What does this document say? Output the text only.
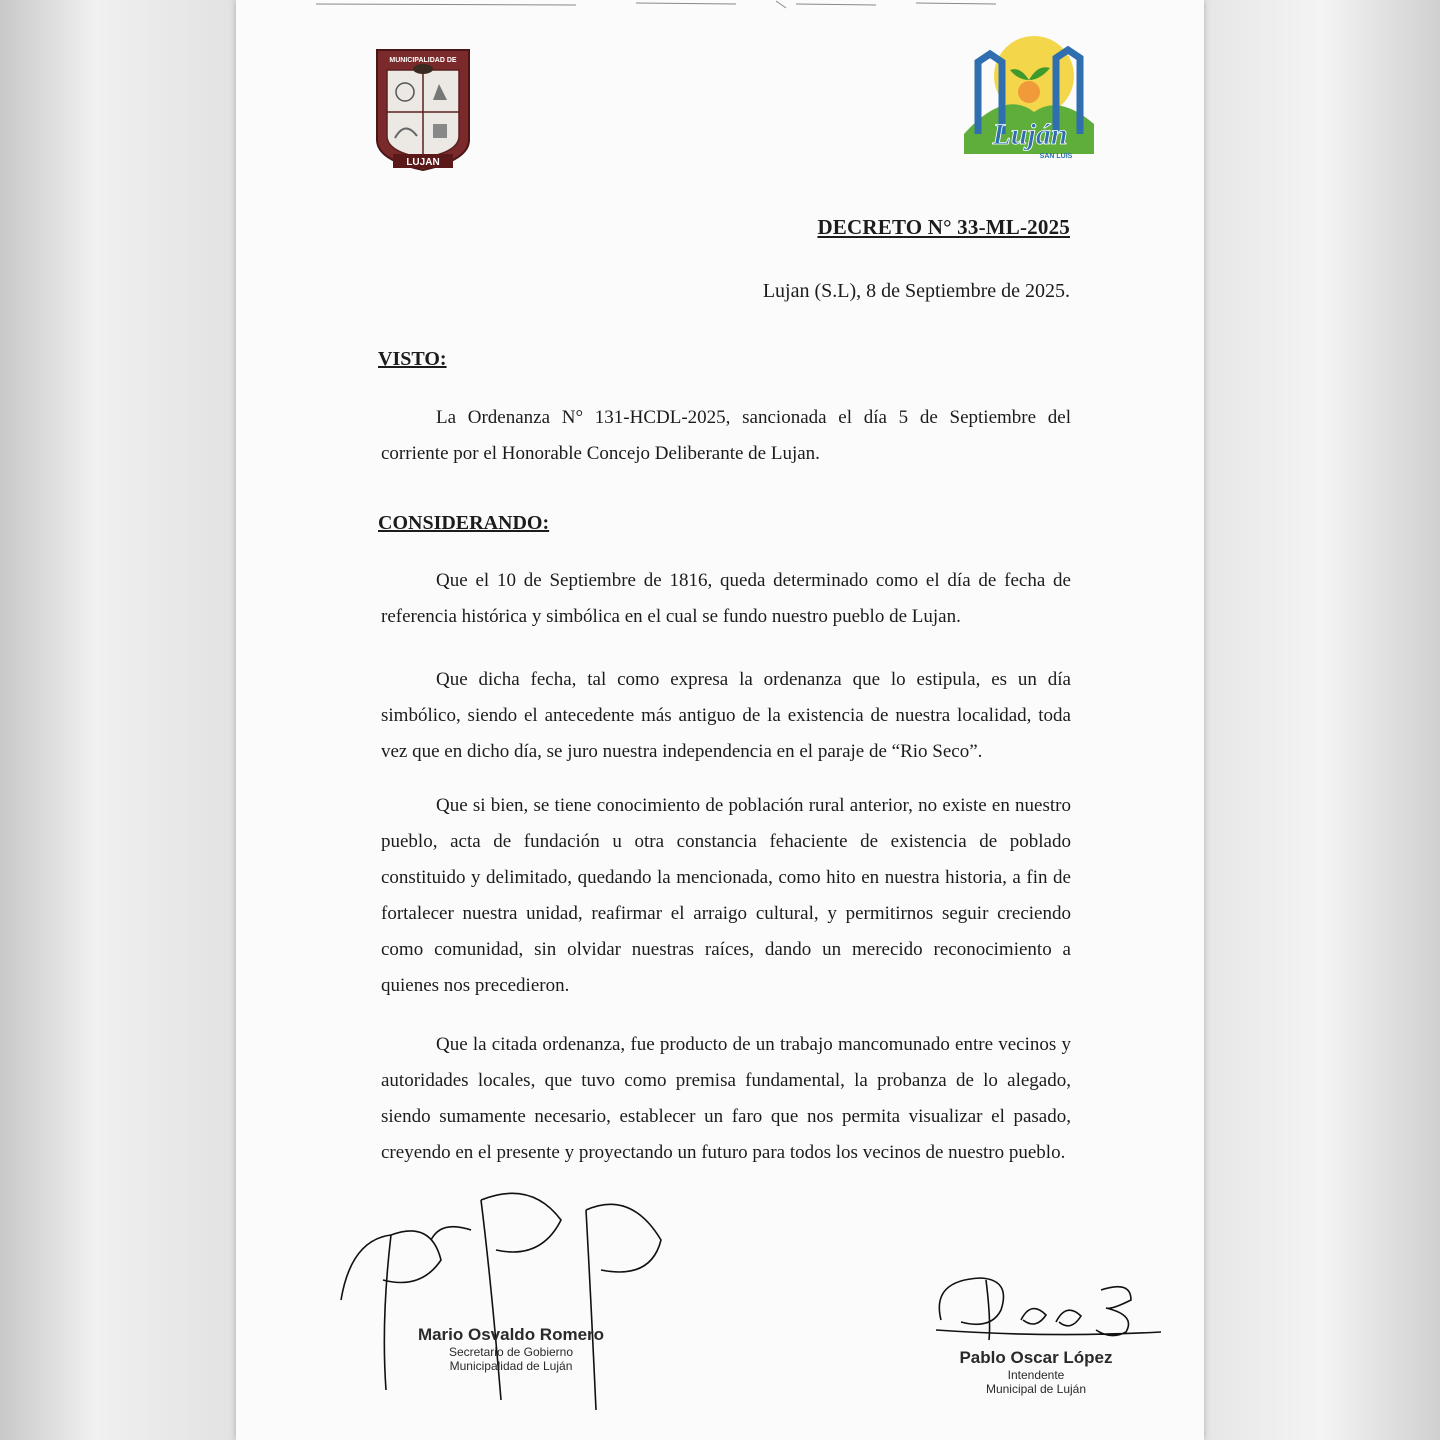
MUNICIPALIDAD DE
LUJAN
Luján
SAN LUIS
DECRETO N° 33-ML-2025
Lujan (S.L), 8 de Septiembre de 2025.
VISTO:

La Ordenanza N° 131-HCDL-2025, sancionada el día 5 de Septiembre del corriente por el Honorable Concejo Deliberante de Lujan.

CONSIDERANDO:

Que el 10 de Septiembre de 1816, queda determinado como el día de fecha de referencia histórica y simbólica en el cual se fundo nuestro pueblo de Lujan.

Que dicha fecha, tal como expresa la ordenanza que lo estipula, es un día simbólico, siendo el antecedente más antiguo de la existencia de nuestra localidad, toda vez que en dicho día, se juro nuestra independencia en el paraje de “Rio Seco”.

Que si bien, se tiene conocimiento de población rural anterior, no existe en nuestro pueblo, acta de fundación u otra constancia fehaciente de existencia de poblado constituido y delimitado, quedando la mencionada, como hito en nuestra historia, a fin de fortalecer nuestra unidad, reafirmar el arraigo cultural, y permitirnos seguir creciendo como comunidad, sin olvidar nuestras raíces, dando un merecido reconocimiento a quienes nos precedieron.

Que la citada ordenanza, fue producto de un trabajo mancomunado entre vecinos y autoridades locales, que tuvo como premisa fundamental, la probanza de lo alegado, siendo sumamente necesario, establecer un faro que nos permita visualizar el pasado, creyendo en el presente y proyectando un futuro para todos los vecinos de nuestro pueblo.

Mario Osvaldo Romero
Secretario de Gobierno
Municipalidad de Luján	Pablo Oscar López
Intendente
Municipal de Luján
